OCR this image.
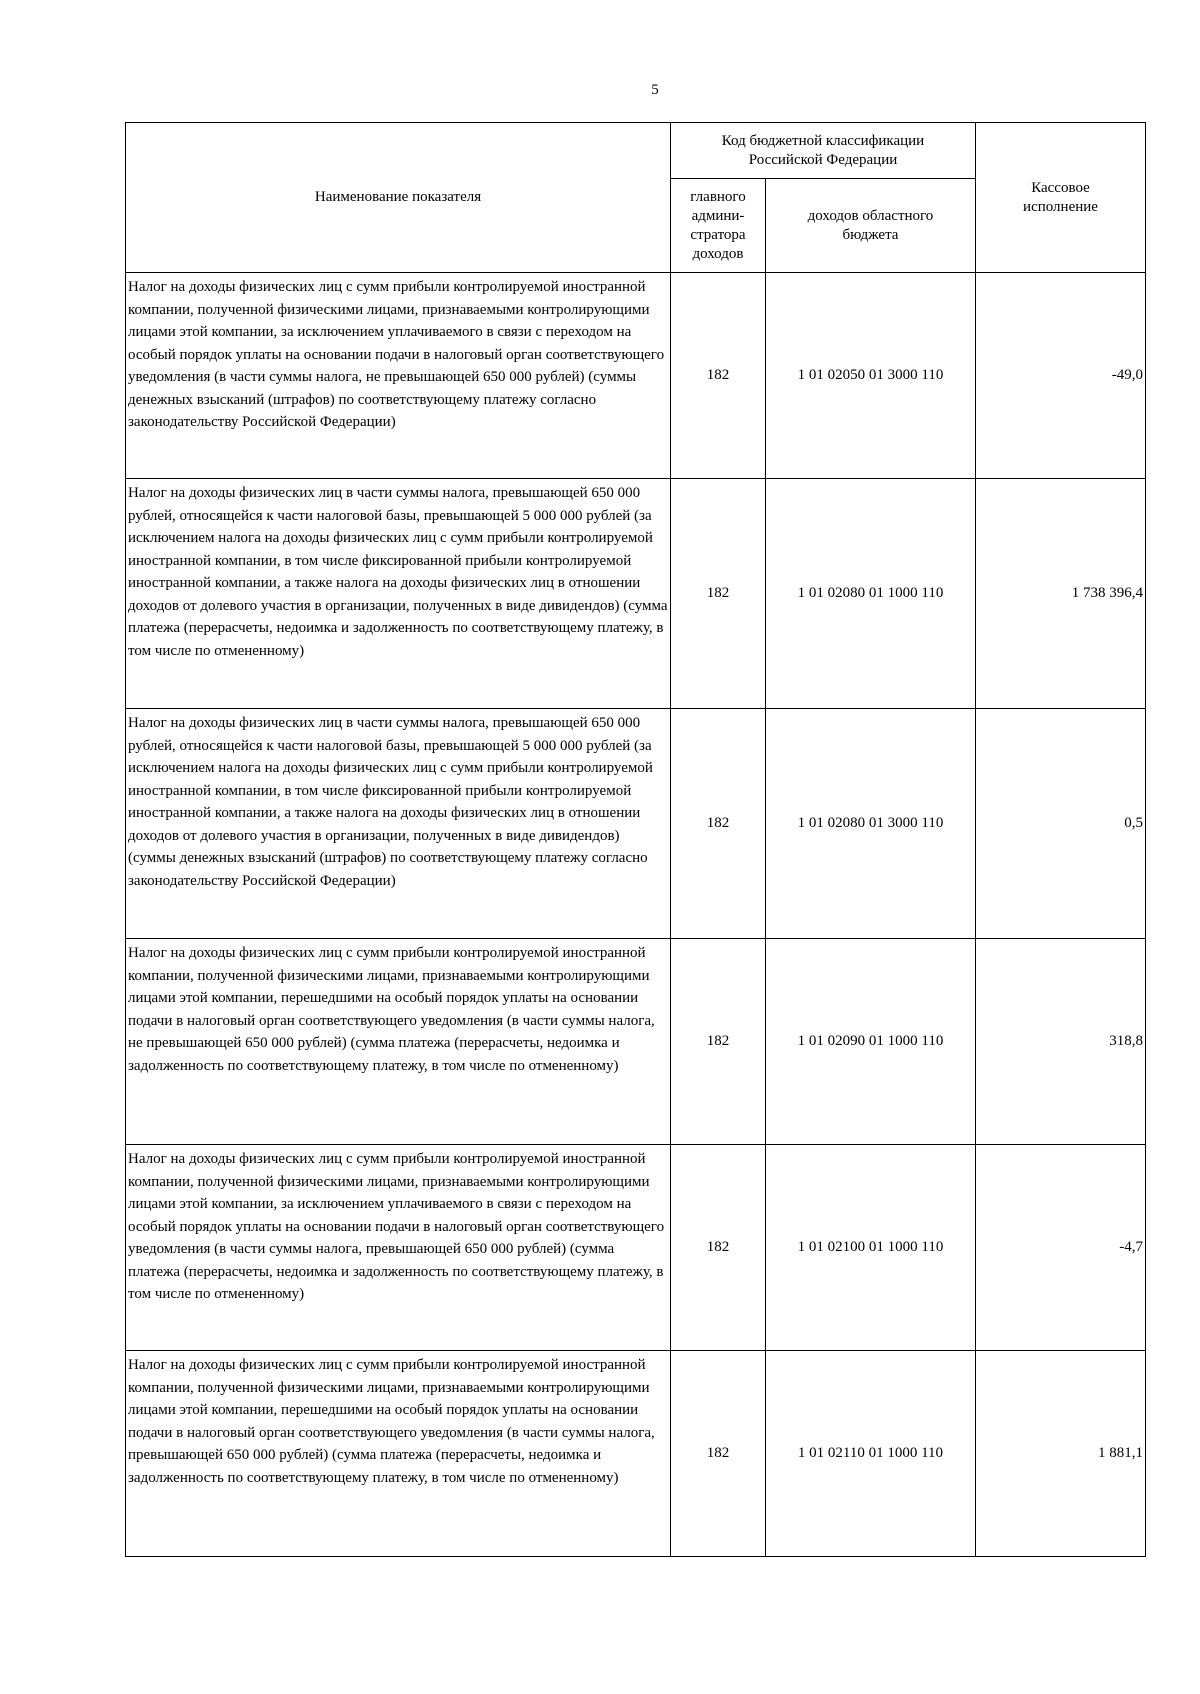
5
Наименование показателя	Код бюджетной классификации Российской Федерации		Кассовое исполнение
	главного админи-стратора доходов	доходов областного бюджета	
Налог на доходы физических лиц с сумм прибыли контролируемой иностранной компании, полученной физическими лицами, признаваемыми контролирующими лицами этой компании, за исключением уплачиваемого в связи с переходом на особый порядок уплаты на основании подачи в налоговый орган соответствующего уведомления (в части суммы налога, не превышающей 650 000 рублей) (суммы денежных взысканий (штрафов) по соответствующему платежу согласно законодательству Российской Федерации)	182	1 01 02050 01 3000 110	-49,0
Налог на доходы физических лиц в части суммы налога, превышающей 650 000 рублей, относящейся к части налоговой базы, превышающей 5 000 000 рублей (за исключением налога на доходы физических лиц с сумм прибыли контролируемой иностранной компании, в том числе фиксированной прибыли контролируемой иностранной компании, а также налога на доходы физических лиц в отношении доходов от долевого участия в организации, полученных в виде дивидендов) (сумма платежа (перерасчеты, недоимка и задолженность по соответствующему платежу, в том числе по отмененному)	182	1 01 02080 01 1000 110	1 738 396,4
Налог на доходы физических лиц в части суммы налога, превышающей 650 000 рублей, относящейся к части налоговой базы, превышающей 5 000 000 рублей (за исключением налога на доходы физических лиц с сумм прибыли контролируемой иностранной компании, в том числе фиксированной прибыли контролируемой иностранной компании, а также налога на доходы физических лиц в отношении доходов от долевого участия в организации, полученных в виде дивидендов) (суммы денежных взысканий (штрафов) по соответствующему платежу согласно законодательству Российской Федерации)	182	1 01 02080 01 3000 110	0,5
Налог на доходы физических лиц с сумм прибыли контролируемой иностранной компании, полученной физическими лицами, признаваемыми контролирующими лицами этой компании, перешедшими на особый порядок уплаты на основании подачи в налоговый орган соответствующего уведомления (в части суммы налога, не превышающей 650 000 рублей) (сумма платежа (перерасчеты, недоимка и задолженность по соответствующему платежу, в том числе по отмененному)	182	1 01 02090 01 1000 110	318,8
Налог на доходы физических лиц с сумм прибыли контролируемой иностранной компании, полученной физическими лицами, признаваемыми контролирующими лицами этой компании, за исключением уплачиваемого в связи с переходом на особый порядок уплаты на основании подачи в налоговый орган соответствующего уведомления (в части суммы налога, превышающей 650 000 рублей) (сумма платежа (перерасчеты, недоимка и задолженность по соответствующему платежу, в том числе по отмененному)	182	1 01 02100 01 1000 110	-4,7
Налог на доходы физических лиц с сумм прибыли контролируемой иностранной компании, полученной физическими лицами, признаваемыми контролирующими лицами этой компании, перешедшими на особый порядок уплаты на основании подачи в налоговый орган соответствующего уведомления (в части суммы налога, превышающей 650 000 рублей) (сумма платежа (перерасчеты, недоимка и задолженность по соответствующему платежу, в том числе по отмененному)	182	1 01 02110 01 1000 110	1 881,1
